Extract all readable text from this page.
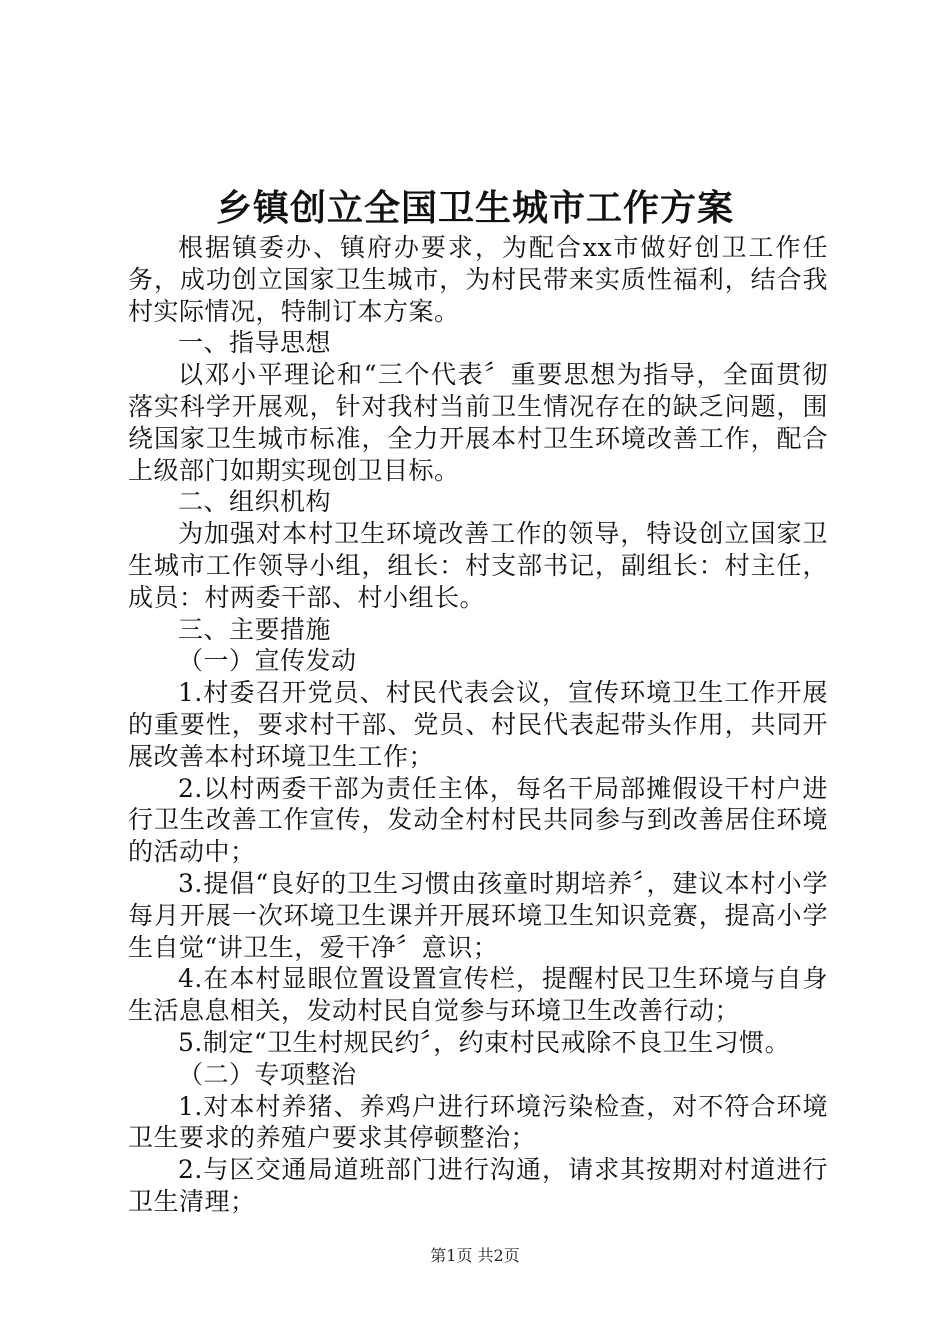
乡镇创立全国卫生城市工作方案

根据镇委办、镇府办要求，为配合xx市做好创卫工作任务，成功创立国家卫生城市，为村民带来实质性福利，结合我村实际情况，特制订本方案。

一、指导思想

以邓小平理论和“三个代表〞重要思想为指导，全面贯彻落实科学开展观，针对我村当前卫生情况存在的缺乏问题，围绕国家卫生城市标准，全力开展本村卫生环境改善工作，配合上级部门如期实现创卫目标。

二、组织机构

为加强对本村卫生环境改善工作的领导，特设创立国家卫生城市工作领导小组，组长：村支部书记，副组长：村主任，成员：村两委干部、村小组长。

三、主要措施

（一）宣传发动

1.村委召开党员、村民代表会议，宣传环境卫生工作开展的重要性，要求村干部、党员、村民代表起带头作用，共同开展改善本村环境卫生工作；

2.以村两委干部为责任主体，每名干局部摊假设干村户进行卫生改善工作宣传，发动全村村民共同参与到改善居住环境的活动中；

3.提倡“良好的卫生习惯由孩童时期培养〞，建议本村小学每月开展一次环境卫生课并开展环境卫生知识竞赛，提高小学生自觉“讲卫生，爱干净〞意识；

4.在本村显眼位置设置宣传栏，提醒村民卫生环境与自身生活息息相关，发动村民自觉参与环境卫生改善行动；

5.制定“卫生村规民约〞，约束村民戒除不良卫生习惯。

（二）专项整治

1.对本村养猪、养鸡户进行环境污染检查，对不符合环境卫生要求的养殖户要求其停顿整治；

2.与区交通局道班部门进行沟通，请求其按期对村道进行卫生清理；

第1页 共2页
